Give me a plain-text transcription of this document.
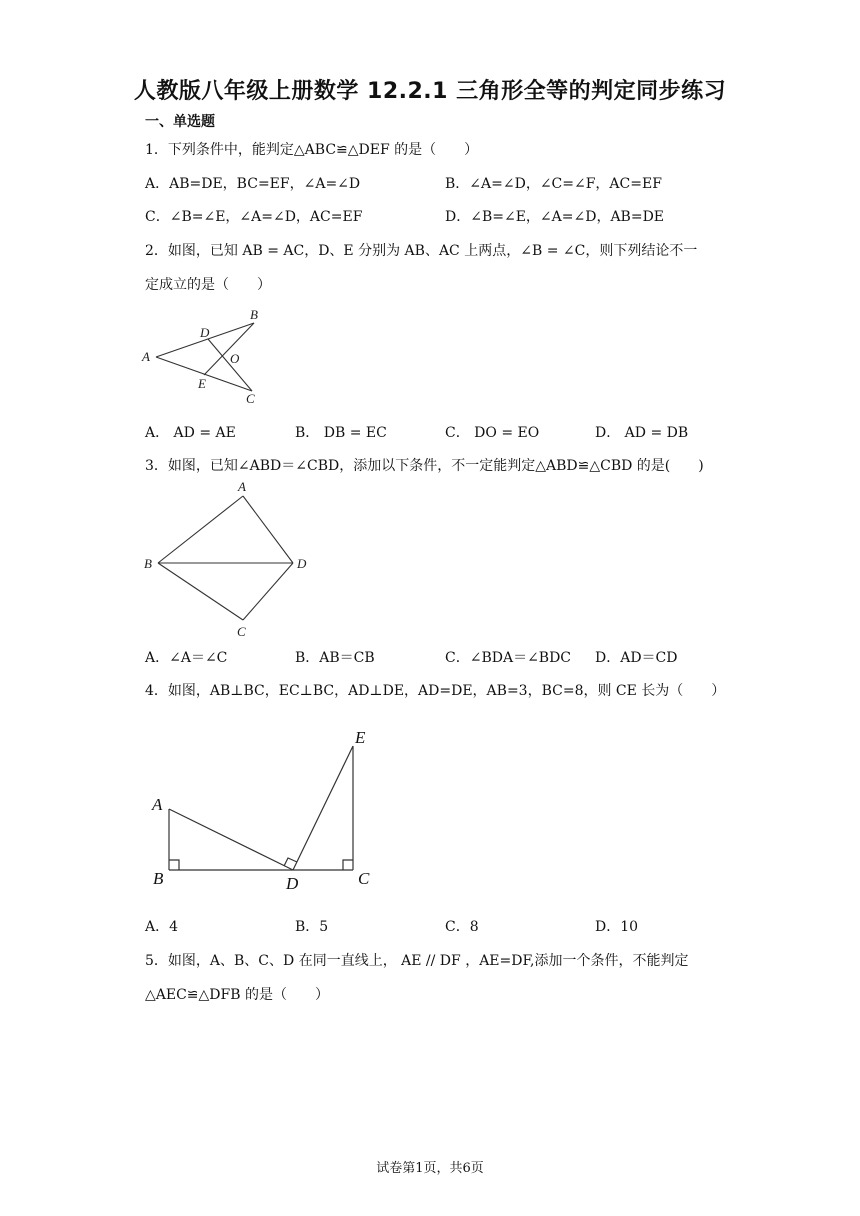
人教版八年级上册数学 12.2.1 三角形全等的判定同步练习
一、单选题
1．下列条件中，能判定△ABC≌△DEF 的是（　　）
A．AB=DE，BC=EF，∠A=∠D	B．∠A=∠D，∠C=∠F，AC=EF
C．∠B=∠E，∠A=∠D，AC=EF	D．∠B=∠E，∠A=∠D，AB=DE
2．如图，已知 AB = AC，D、E 分别为 AB、AC 上两点，∠B = ∠C，则下列结论不一
定成立的是（　　）
A
B
C
D
E
O
A． AD = AE	B． DB = EC	C． DO = EO	D． AD = DB
3．如图，已知∠ABD＝∠CBD，添加以下条件，不一定能判定△ABD≌△CBD 的是(　　)
A
B
C
D
A．∠A＝∠C	B．AB＝CB	C．∠BDA＝∠BDC D．AD＝CD
4．如图，AB⊥BC，EC⊥BC，AD⊥DE，AD=DE，AB=3，BC=8，则 CE 长为（　　）
A
B	C
D
E
A．4	B．5	C．8	D．10
5．如图，A、B、C、D 在同一直线上， AE // DF ，AE=DF,添加一个条件，不能判定
△AEC≌△DFB 的是（　　）
试卷第1页，共6页
